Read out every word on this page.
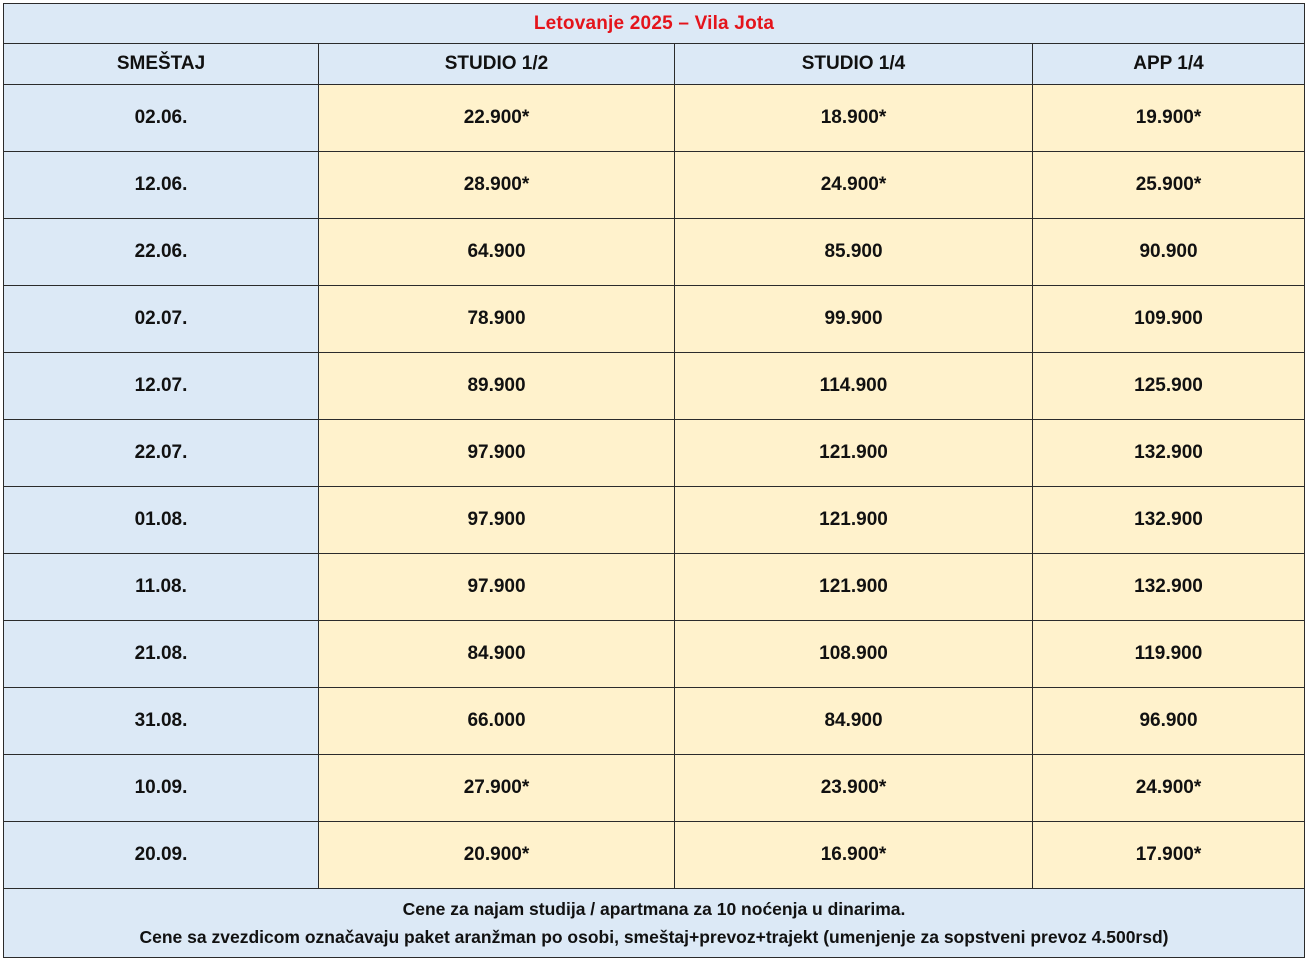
Letovanje 2025 – Vila Jota			
SMEŠTAJ	STUDIO 1/2	STUDIO 1/4	APP 1/4
02.06.	22.900*	18.900*	19.900*
12.06.	28.900*	24.900*	25.900*
22.06.	64.900	85.900	90.900
02.07.	78.900	99.900	109.900
12.07.	89.900	114.900	125.900
22.07.	97.900	121.900	132.900
01.08.	97.900	121.900	132.900
11.08.	97.900	121.900	132.900
21.08.	84.900	108.900	119.900
31.08.	66.000	84.900	96.900
10.09.	27.900*	23.900*	24.900*
20.09.	20.900*	16.900*	17.900*

Cene za najam studija / apartmana za 10 noćenja u dinarima.
Cene sa zvezdicom označavaju paket aranžman po osobi, smeštaj+prevoz+trajekt (umenjenje za sopstveni prevoz 4.500rsd)			
